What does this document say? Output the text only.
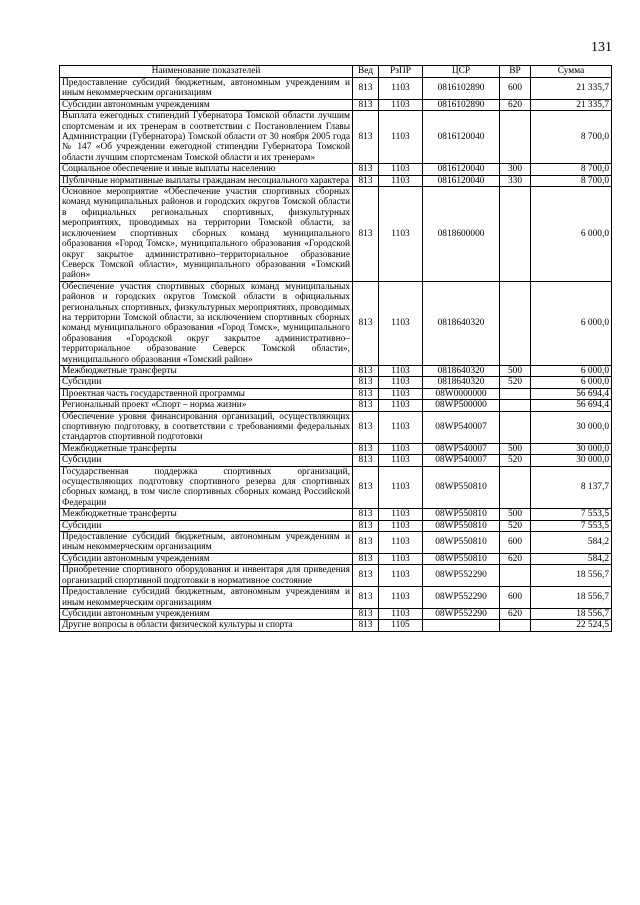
131
Наименование показателей	Вед	РзПР	ЦСР	ВР	Сумма
Предоставление субсидий бюджетным, автономным учреждениям и иным некоммерческим организациям	813	1103	0816102890	600	21 335,7
Субсидии автономным учреждениям	813	1103	0816102890	620	21 335,7
Выплата ежегодных стипендий Губернатора Томской области лучшим спортсменам и их тренерам в соответствии с Постановлением Главы Администрации (Губернатора) Томской области от 30 ноября 2005 года № 147 «Об учреждении ежегодной стипендии Губернатора Томской области лучшим спортсменам Томской области и их тренерам»	813	1103	0816120040		8 700,0
Социальное обеспечение и иные выплаты населению	813	1103	0816120040	300	8 700,0
Публичные нормативные выплаты гражданам несоциального характера	813	1103	0816120040	330	8 700,0
Основное мероприятие «Обеспечение участия спортивных сборных команд муниципальных районов и городских округов Томской области в официальных региональных спортивных, физкультурных мероприятиях, проводимых на территории Томской области, за исключением спортивных сборных команд муниципального образования «Город Томск», муниципального образования «Городской округ закрытое административно–территориальное образование Северск Томской области», муниципального образования «Томский район»	813	1103	0818600000		6 000,0
Обеспечение участия спортивных сборных команд муниципальных районов и городских округов Томской области в официальных региональных спортивных, физкультурных мероприятиях, проводимых на территории Томской области, за исключением спортивных сборных команд муниципального образования «Город Томск», муниципального образования «Городской округ закрытое административно–территориальное образование Северск Томской области», муниципального образования «Томский район»	813	1103	0818640320		6 000,0
Межбюджетные трансферты	813	1103	0818640320	500	6 000,0
Субсидии	813	1103	0818640320	520	6 000,0
Проектная часть государственной программы	813	1103	08W0000000		56 694,4
Региональный проект «Спорт – норма жизни»	813	1103	08WP500000		56 694,4
Обеспечение уровня финансирования организаций, осуществляющих спортивную подготовку, в соответствии с требованиями федеральных стандартов спортивной подготовки	813	1103	08WP540007		30 000,0
Межбюджетные трансферты	813	1103	08WP540007	500	30 000,0
Субсидии	813	1103	08WP540007	520	30 000,0
Государственная поддержка спортивных организаций, осуществляющих подготовку спортивного резерва для спортивных сборных команд, в том числе спортивных сборных команд Российской Федерации	813	1103	08WP550810		8 137,7
Межбюджетные трансферты	813	1103	08WP550810	500	7 553,5
Субсидии	813	1103	08WP550810	520	7 553,5
Предоставление субсидий бюджетным, автономным учреждениям и иным некоммерческим организациям	813	1103	08WP550810	600	584,2
Субсидии автономным учреждениям	813	1103	08WP550810	620	584,2
Приобретение спортивного оборудования и инвентаря для приведения организаций спортивной подготовки в нормативное состояние	813	1103	08WP552290		18 556,7
Предоставление субсидий бюджетным, автономным учреждениям и иным некоммерческим организациям	813	1103	08WP552290	600	18 556,7
Субсидии автономным учреждениям	813	1103	08WP552290	620	18 556,7
Другие вопросы в области физической культуры и спорта	813	1105			22 524,5
